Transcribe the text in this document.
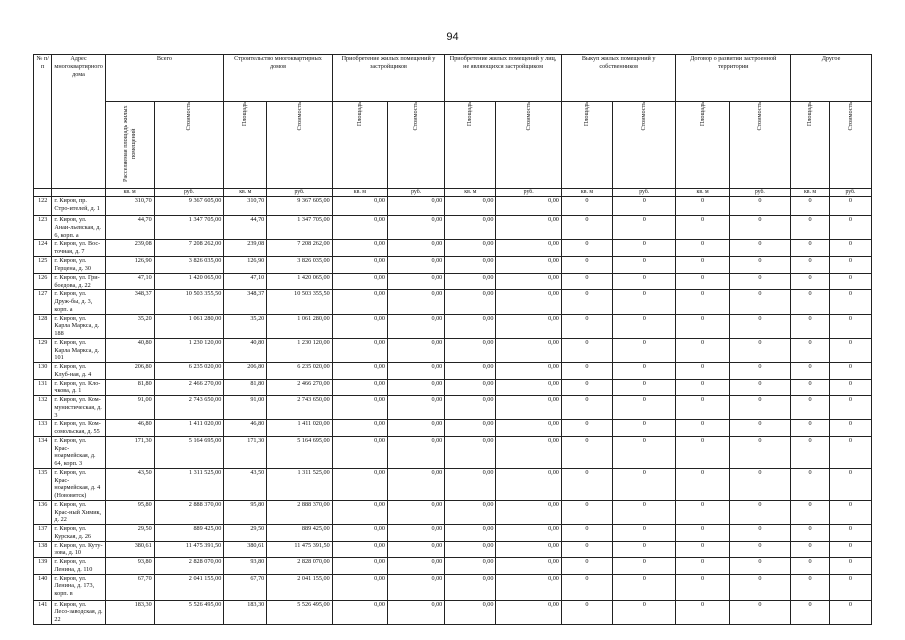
94
№ п/п	Адрес многоквартирного дома	Всего		Строительство многоквартирных домов		Приобретение жилых помещений у застройщиков		Приобретение жилых помещений у лиц, не являющихся застройщиком		Выкуп жилых помещений у собственников		Договор о развитии застроенной территории		Другое	

		Расселяемая площадь жилых помещений	Стоимость	Площадь	Стоимость	Площадь	Стоимость	Площадь	Стоимость	Площадь	Стоимость	Площадь	Стоимость	Площадь	Стоимость

		кв. м	руб.	кв. м	руб.	кв. м	руб.	кв. м	руб.	кв. м	руб.	кв. м	руб.	кв. м	руб.
122	г. Киров, пр. Стро-ителей, д. 1	310,70	9 367 605,00	310,70	9 367 605,00	0,00	0,00	0,00	0,00	0	0	0	0	0	0
123	г. Киров, ул. Анаи-льевская, д. 6, корп. а	44,70	1 347 705,00	44,70	1 347 705,00	0,00	0,00	0,00	0,00	0	0	0	0	0	0
124	г. Киров, ул. Вос-точная, д. 7	239,08	7 208 262,00	239,08	7 208 262,00	0,00	0,00	0,00	0,00	0	0	0	0	0	0
125	г. Киров, ул. Герцена, д. 30	126,90	3 826 035,00	126,90	3 826 035,00	0,00	0,00	0,00	0,00	0	0	0	0	0	0
126	г. Киров, ул. Гри-боедова, д. 22	47,10	1 420 065,00	47,10	1 420 065,00	0,00	0,00	0,00	0,00	0	0	0	0	0	0
127	г. Киров, ул. Друж-бы, д. 3, корп. а	348,37	10 503 355,50	348,37	10 503 355,50	0,00	0,00	0,00	0,00	0	0	0	0	0	0
128	г. Киров, ул. Карла Маркса, д. 188	35,20	1 061 280,00	35,20	1 061 280,00	0,00	0,00	0,00	0,00	0	0	0	0	0	0
129	г. Киров, ул. Карла Маркса, д. 101	40,80	1 230 120,00	40,80	1 230 120,00	0,00	0,00	0,00	0,00	0	0	0	0	0	0
130	г. Киров, ул. Клуб-ная, д. 4	206,80	6 235 020,00	206,80	6 235 020,00	0,00	0,00	0,00	0,00	0	0	0	0	0	0
131	г. Киров, ул. Кло-чкова, д. 1	81,80	2 466 270,00	81,80	2 466 270,00	0,00	0,00	0,00	0,00	0	0	0	0	0	0
132	г. Киров, ул. Ком-мунистическая, д. 3	91,00	2 743 650,00	91,00	2 743 650,00	0,00	0,00	0,00	0,00	0	0	0	0	0	0
133	г. Киров, ул. Ком-сомольская, д. 55	46,80	1 411 020,00	46,80	1 411 020,00	0,00	0,00	0,00	0,00	0	0	0	0	0	0
134	г. Киров, ул. Крас-ноармейская, д. 64, корп. 3	171,30	5 164 695,00	171,30	5 164 695,00	0,00	0,00	0,00	0,00	0	0	0	0	0	0
135	г. Киров, ул. Крас-ноармейская, д. 4 (Нововятск)	43,50	1 311 525,00	43,50	1 311 525,00	0,00	0,00	0,00	0,00	0	0	0	0	0	0
136	г. Киров, ул. Крас-ный Химик, д. 22	95,80	2 888 370,00	95,80	2 888 370,00	0,00	0,00	0,00	0,00	0	0	0	0	0	0
137	г. Киров, ул. Курская, д. 26	29,50	889 425,00	29,50	889 425,00	0,00	0,00	0,00	0,00	0	0	0	0	0	0
138	г. Киров, ул. Куту-зова, д. 10	380,61	11 475 391,50	380,61	11 475 391,50	0,00	0,00	0,00	0,00	0	0	0	0	0	0
139	г. Киров, ул. Ленина, д. 110	93,80	2 828 070,00	93,80	2 828 070,00	0,00	0,00	0,00	0,00	0	0	0	0	0	0
140	г. Киров, ул. Ленина, д. 173, корп. в	67,70	2 041 155,00	67,70	2 041 155,00	0,00	0,00	0,00	0,00	0	0	0	0	0	0
141	г. Киров, ул. Лесо-заводская, д. 22	183,30	5 526 495,00	183,30	5 526 495,00	0,00	0,00	0,00	0,00	0	0	0	0	0	0
